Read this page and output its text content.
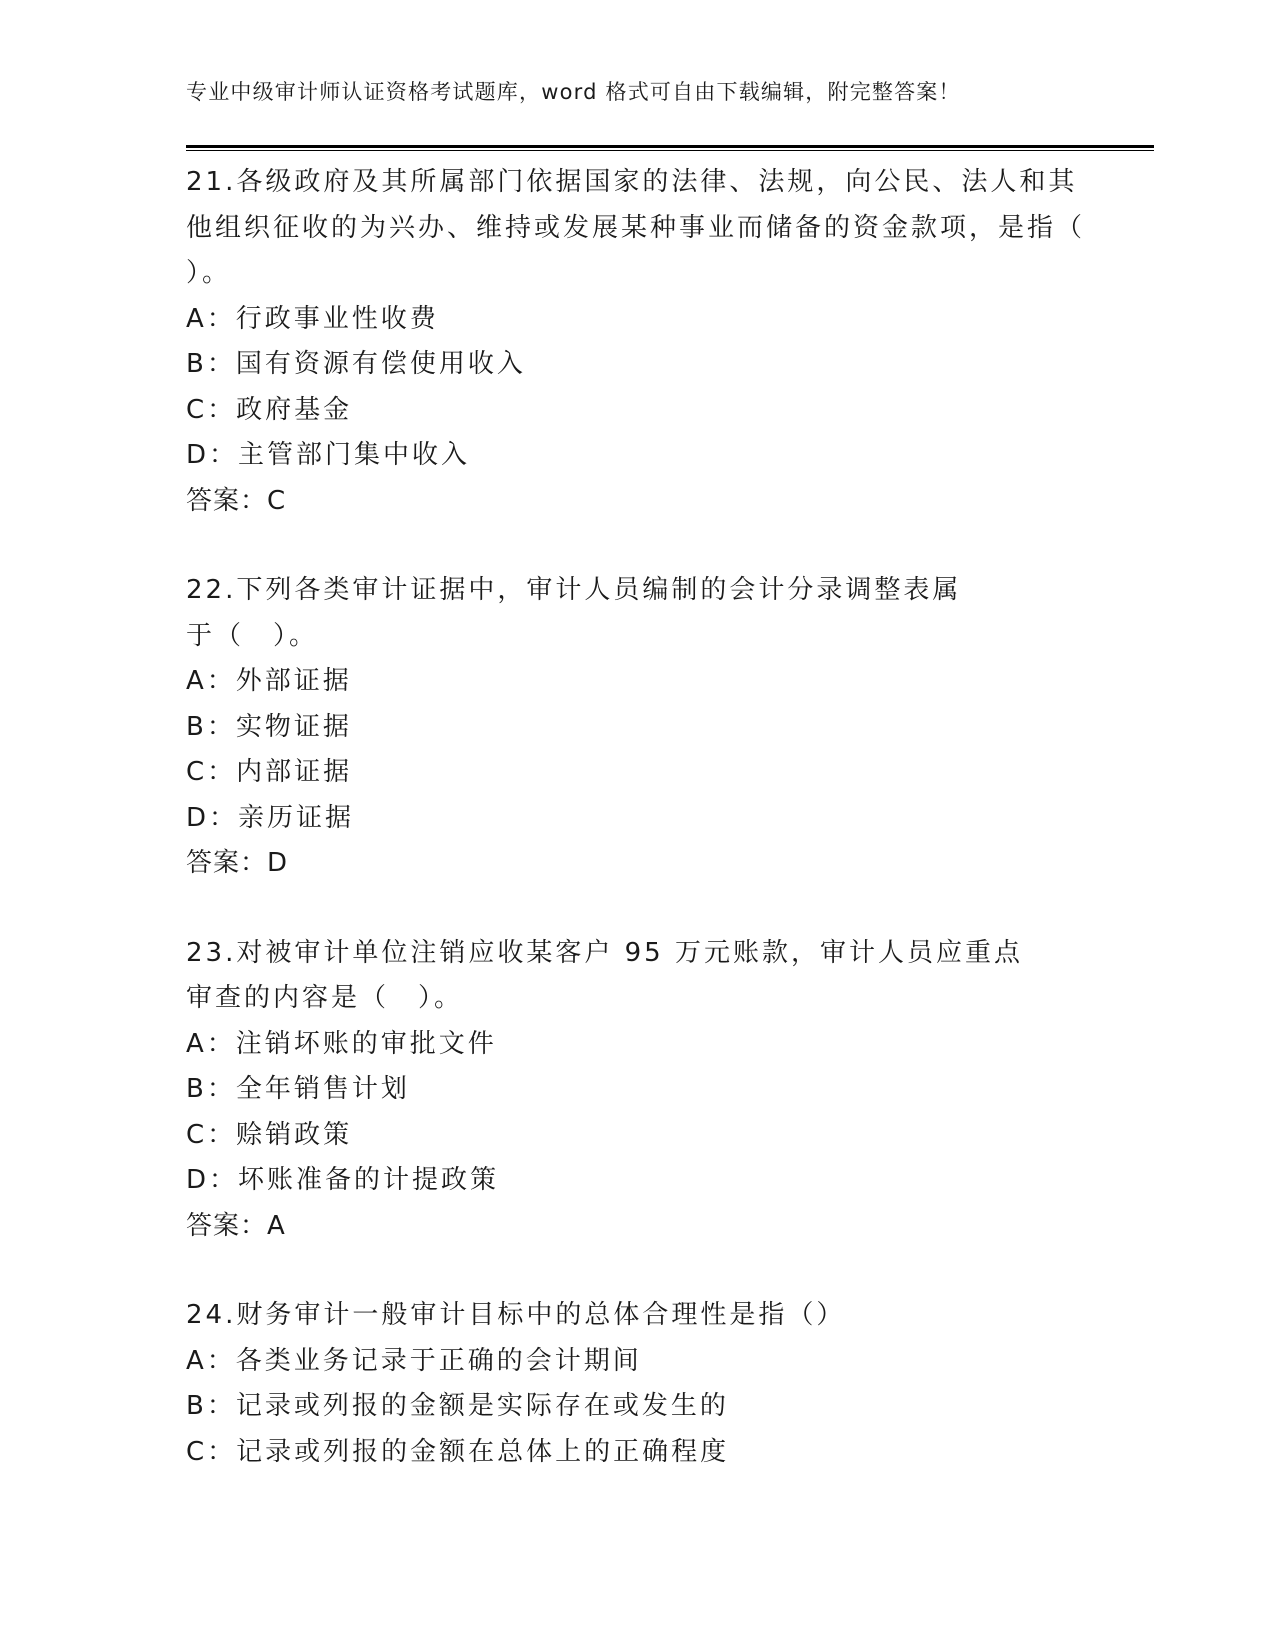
专业中级审计师认证资格考试题库，word 格式可自由下载编辑，附完整答案！
21.各级政府及其所属部门依据国家的法律、法规，向公民、法人和其他组织征收的为兴办、维持或发展某种事业而储备的资金款项，是指（　　）。
A：行政事业性收费
B：国有资源有偿使用收入
C：政府基金
D：主管部门集中收入
答案：C
22.下列各类审计证据中，审计人员编制的会计分录调整表属于（　）。
A：外部证据
B：实物证据
C：内部证据
D：亲历证据
答案：D
23.对被审计单位注销应收某客户 95 万元账款，审计人员应重点审查的内容是（　）。
A：注销坏账的审批文件
B：全年销售计划
C：赊销政策
D：坏账准备的计提政策
答案：A
24.财务审计一般审计目标中的总体合理性是指（）
A：各类业务记录于正确的会计期间
B：记录或列报的金额是实际存在或发生的
C：记录或列报的金额在总体上的正确程度
